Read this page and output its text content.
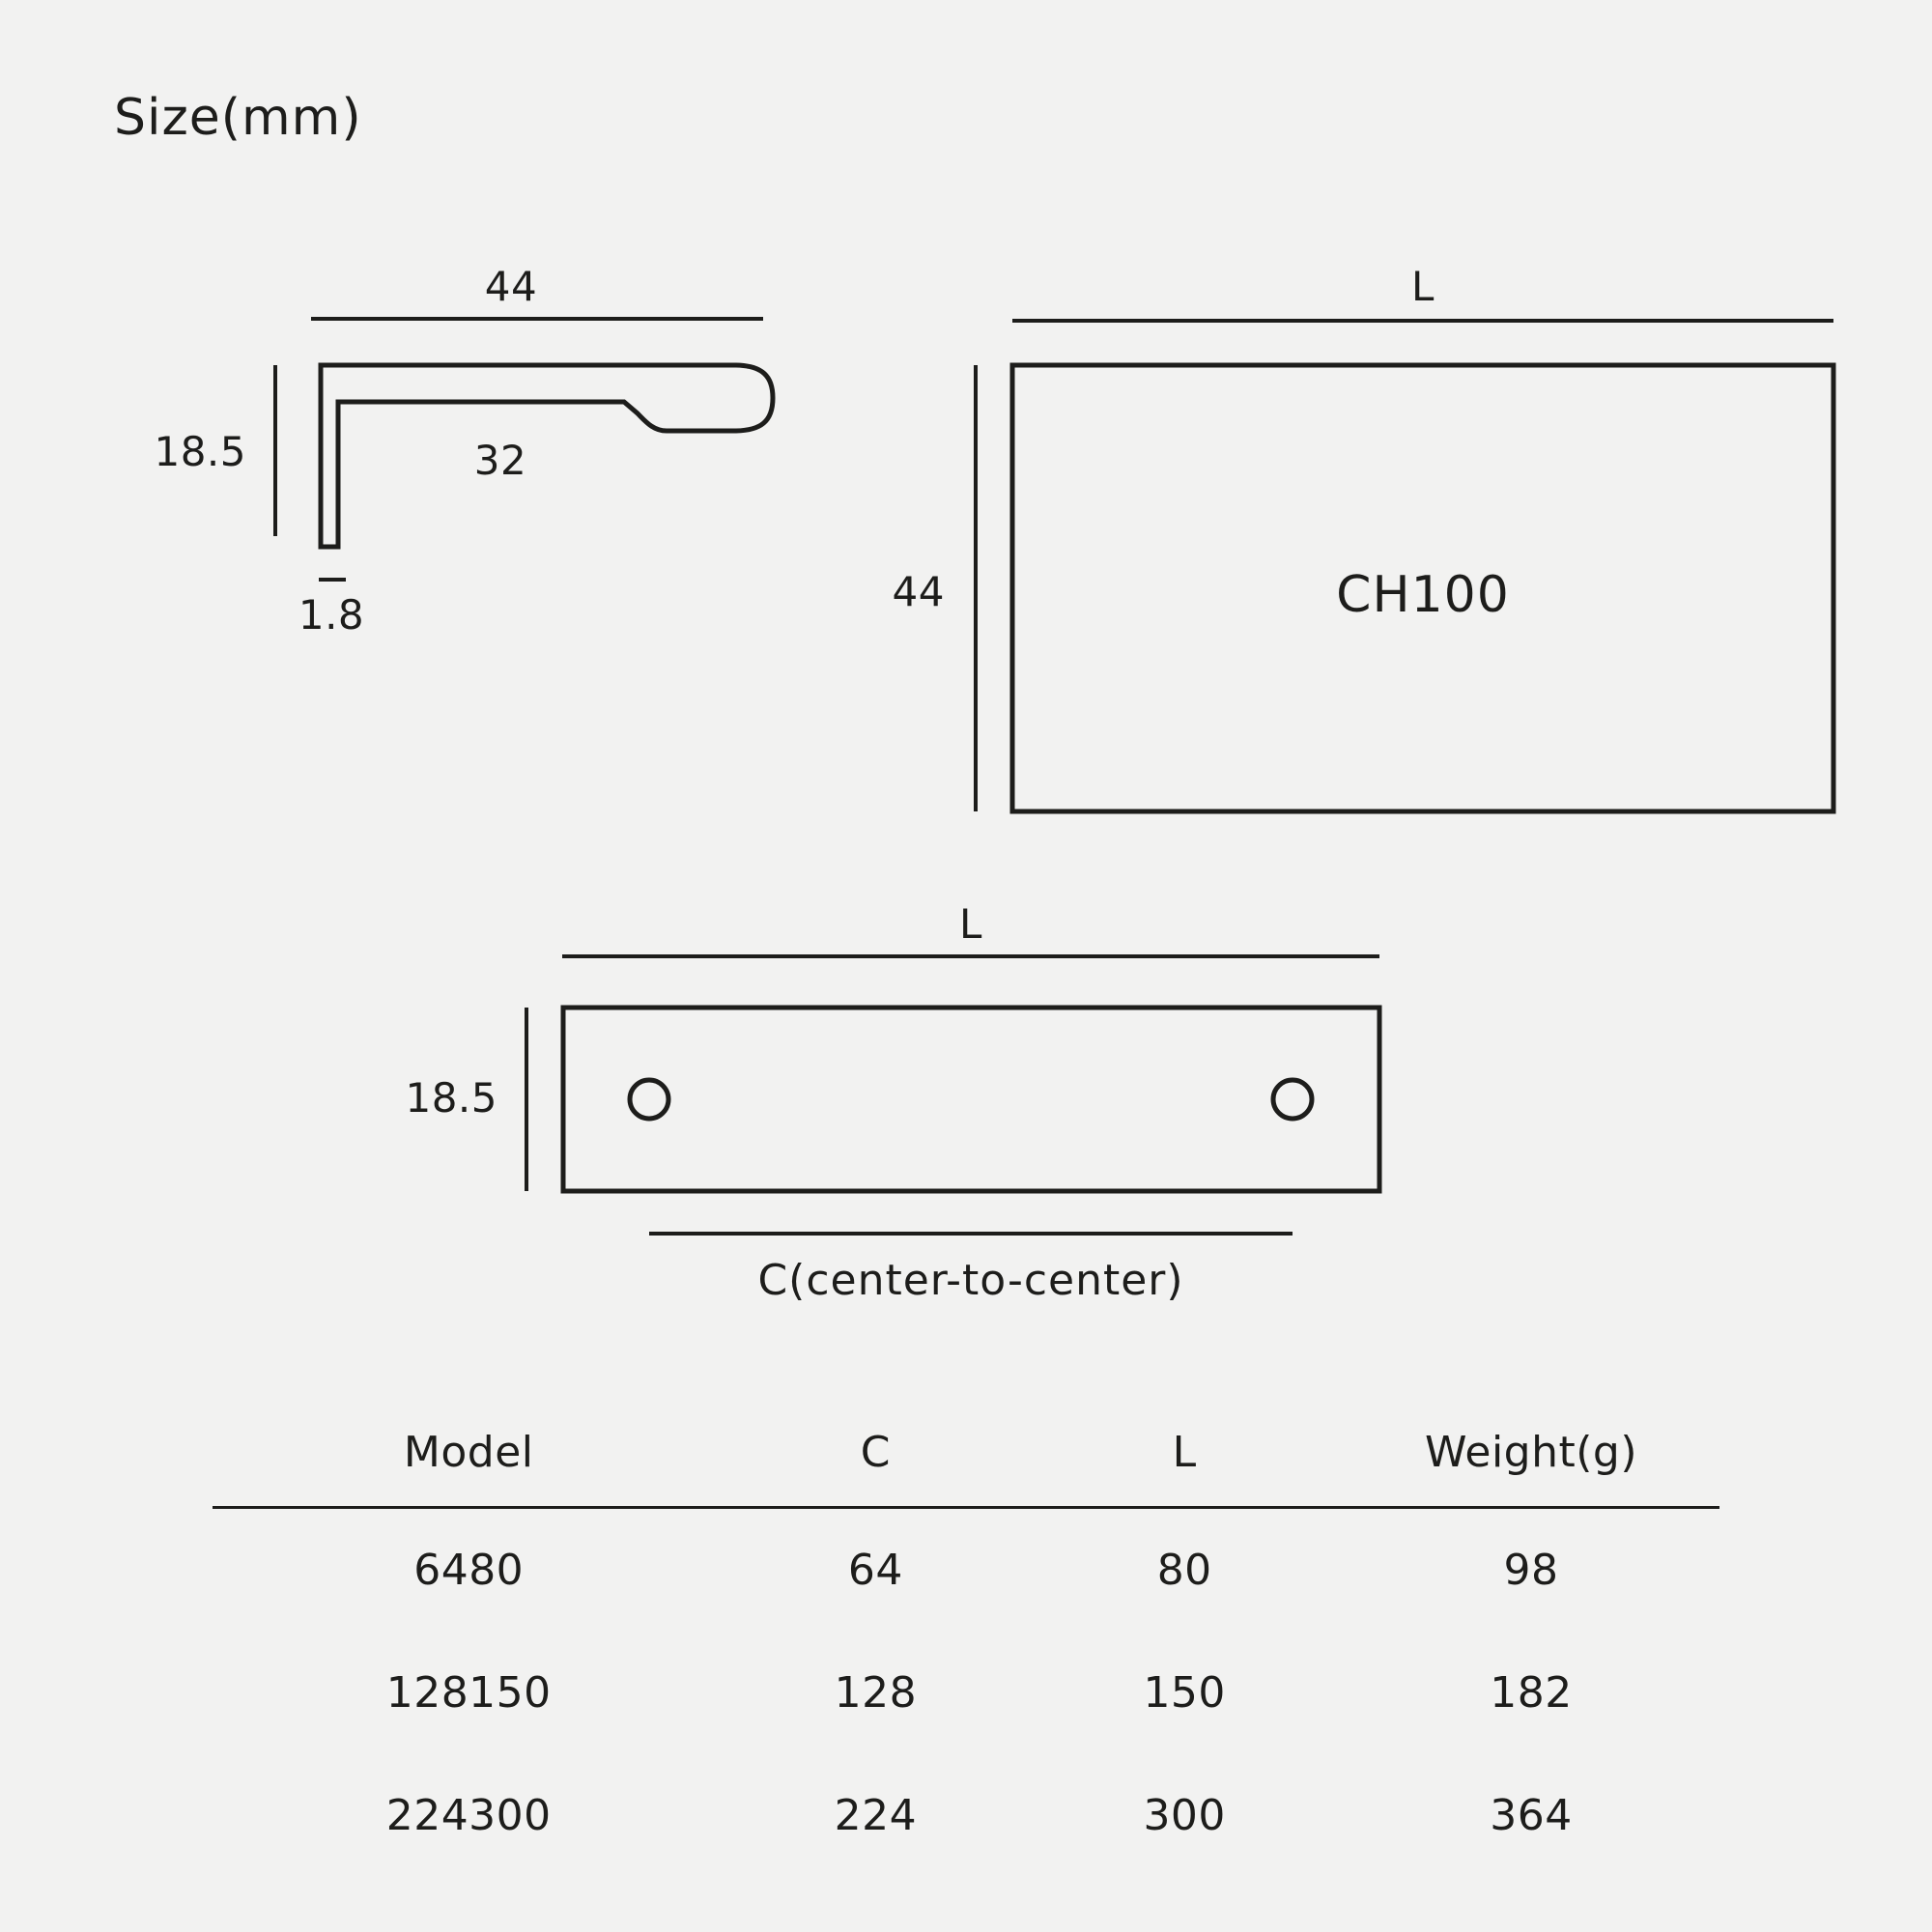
Size(mm)
44
18.5	32
1.8
L
44	CH100
L
18.5
C(center-to-center)
Model	C	L	Weight(g)
6480	64	80	98
128150	128	150	182
224300	224	300	364
